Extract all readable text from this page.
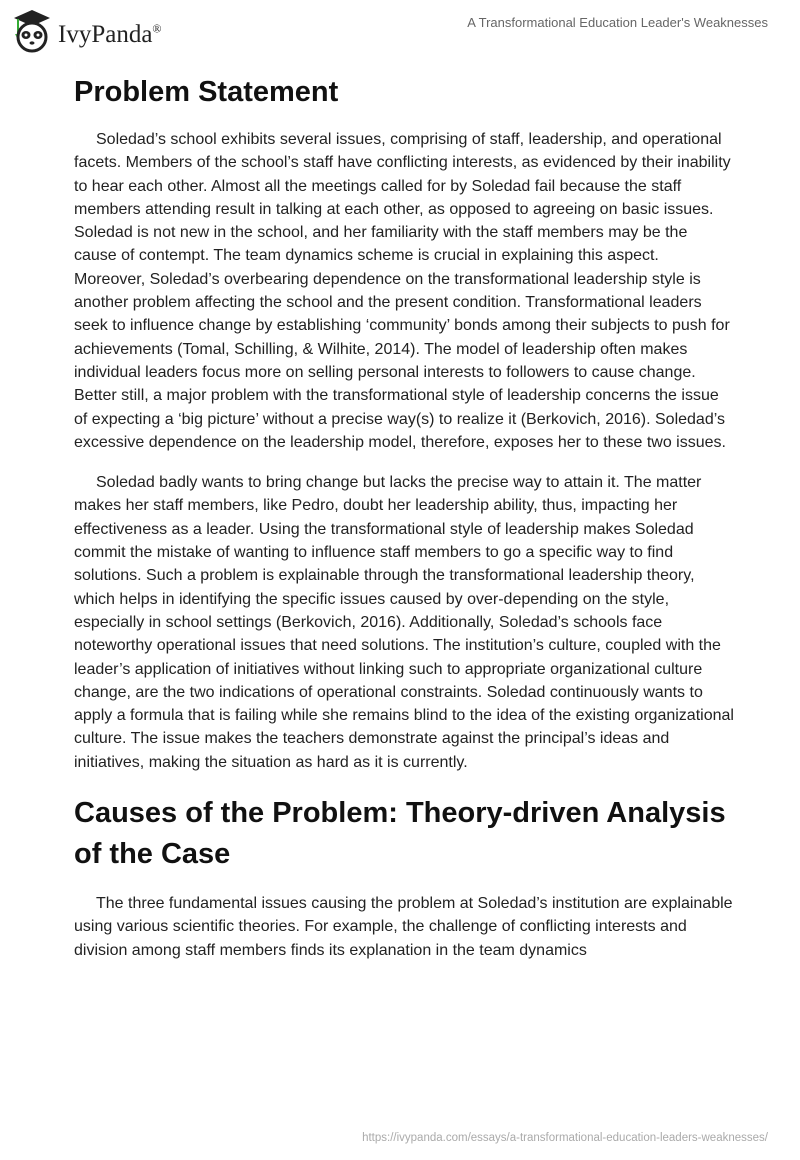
IvyPanda®	A Transformational Education Leader's Weaknesses
Problem Statement

Soledad’s school exhibits several issues, comprising of staff, leadership, and operational facets. Members of the school’s staff have conflicting interests, as evidenced by their inability to hear each other. Almost all the meetings called for by Soledad fail because the staff members attending result in talking at each other, as opposed to agreeing on basic issues. Soledad is not new in the school, and her familiarity with the staff members may be the cause of contempt. The team dynamics scheme is crucial in explaining this aspect. Moreover, Soledad’s overbearing dependence on the transformational leadership style is another problem affecting the school and the present condition. Transformational leaders seek to influence change by establishing ‘community’ bonds among their subjects to push for achievements (Tomal, Schilling, & Wilhite, 2014). The model of leadership often makes individual leaders focus more on selling personal interests to followers to cause change. Better still, a major problem with the transformational style of leadership concerns the issue of expecting a ‘big picture’ without a precise way(s) to realize it (Berkovich, 2016). Soledad’s excessive dependence on the leadership model, therefore, exposes her to these two issues.

Soledad badly wants to bring change but lacks the precise way to attain it. The matter makes her staff members, like Pedro, doubt her leadership ability, thus, impacting her effectiveness as a leader. Using the transformational style of leadership makes Soledad commit the mistake of wanting to influence staff members to go a specific way to find solutions. Such a problem is explainable through the transformational leadership theory, which helps in identifying the specific issues caused by over-depending on the style, especially in school settings (Berkovich, 2016). Additionally, Soledad’s schools face noteworthy operational issues that need solutions. The institution’s culture, coupled with the leader’s application of initiatives without linking such to appropriate organizational culture change, are the two indications of operational constraints. Soledad continuously wants to apply a formula that is failing while she remains blind to the idea of the existing organizational culture. The issue makes the teachers demonstrate against the principal’s ideas and initiatives, making the situation as hard as it is currently.

Causes of the Problem: Theory-driven Analysis of the Case

The three fundamental issues causing the problem at Soledad’s institution are explainable using various scientific theories. For example, the challenge of conflicting interests and division among staff members finds its explanation in the team dynamics

https://ivypanda.com/essays/a-transformational-education-leaders-weaknesses/
